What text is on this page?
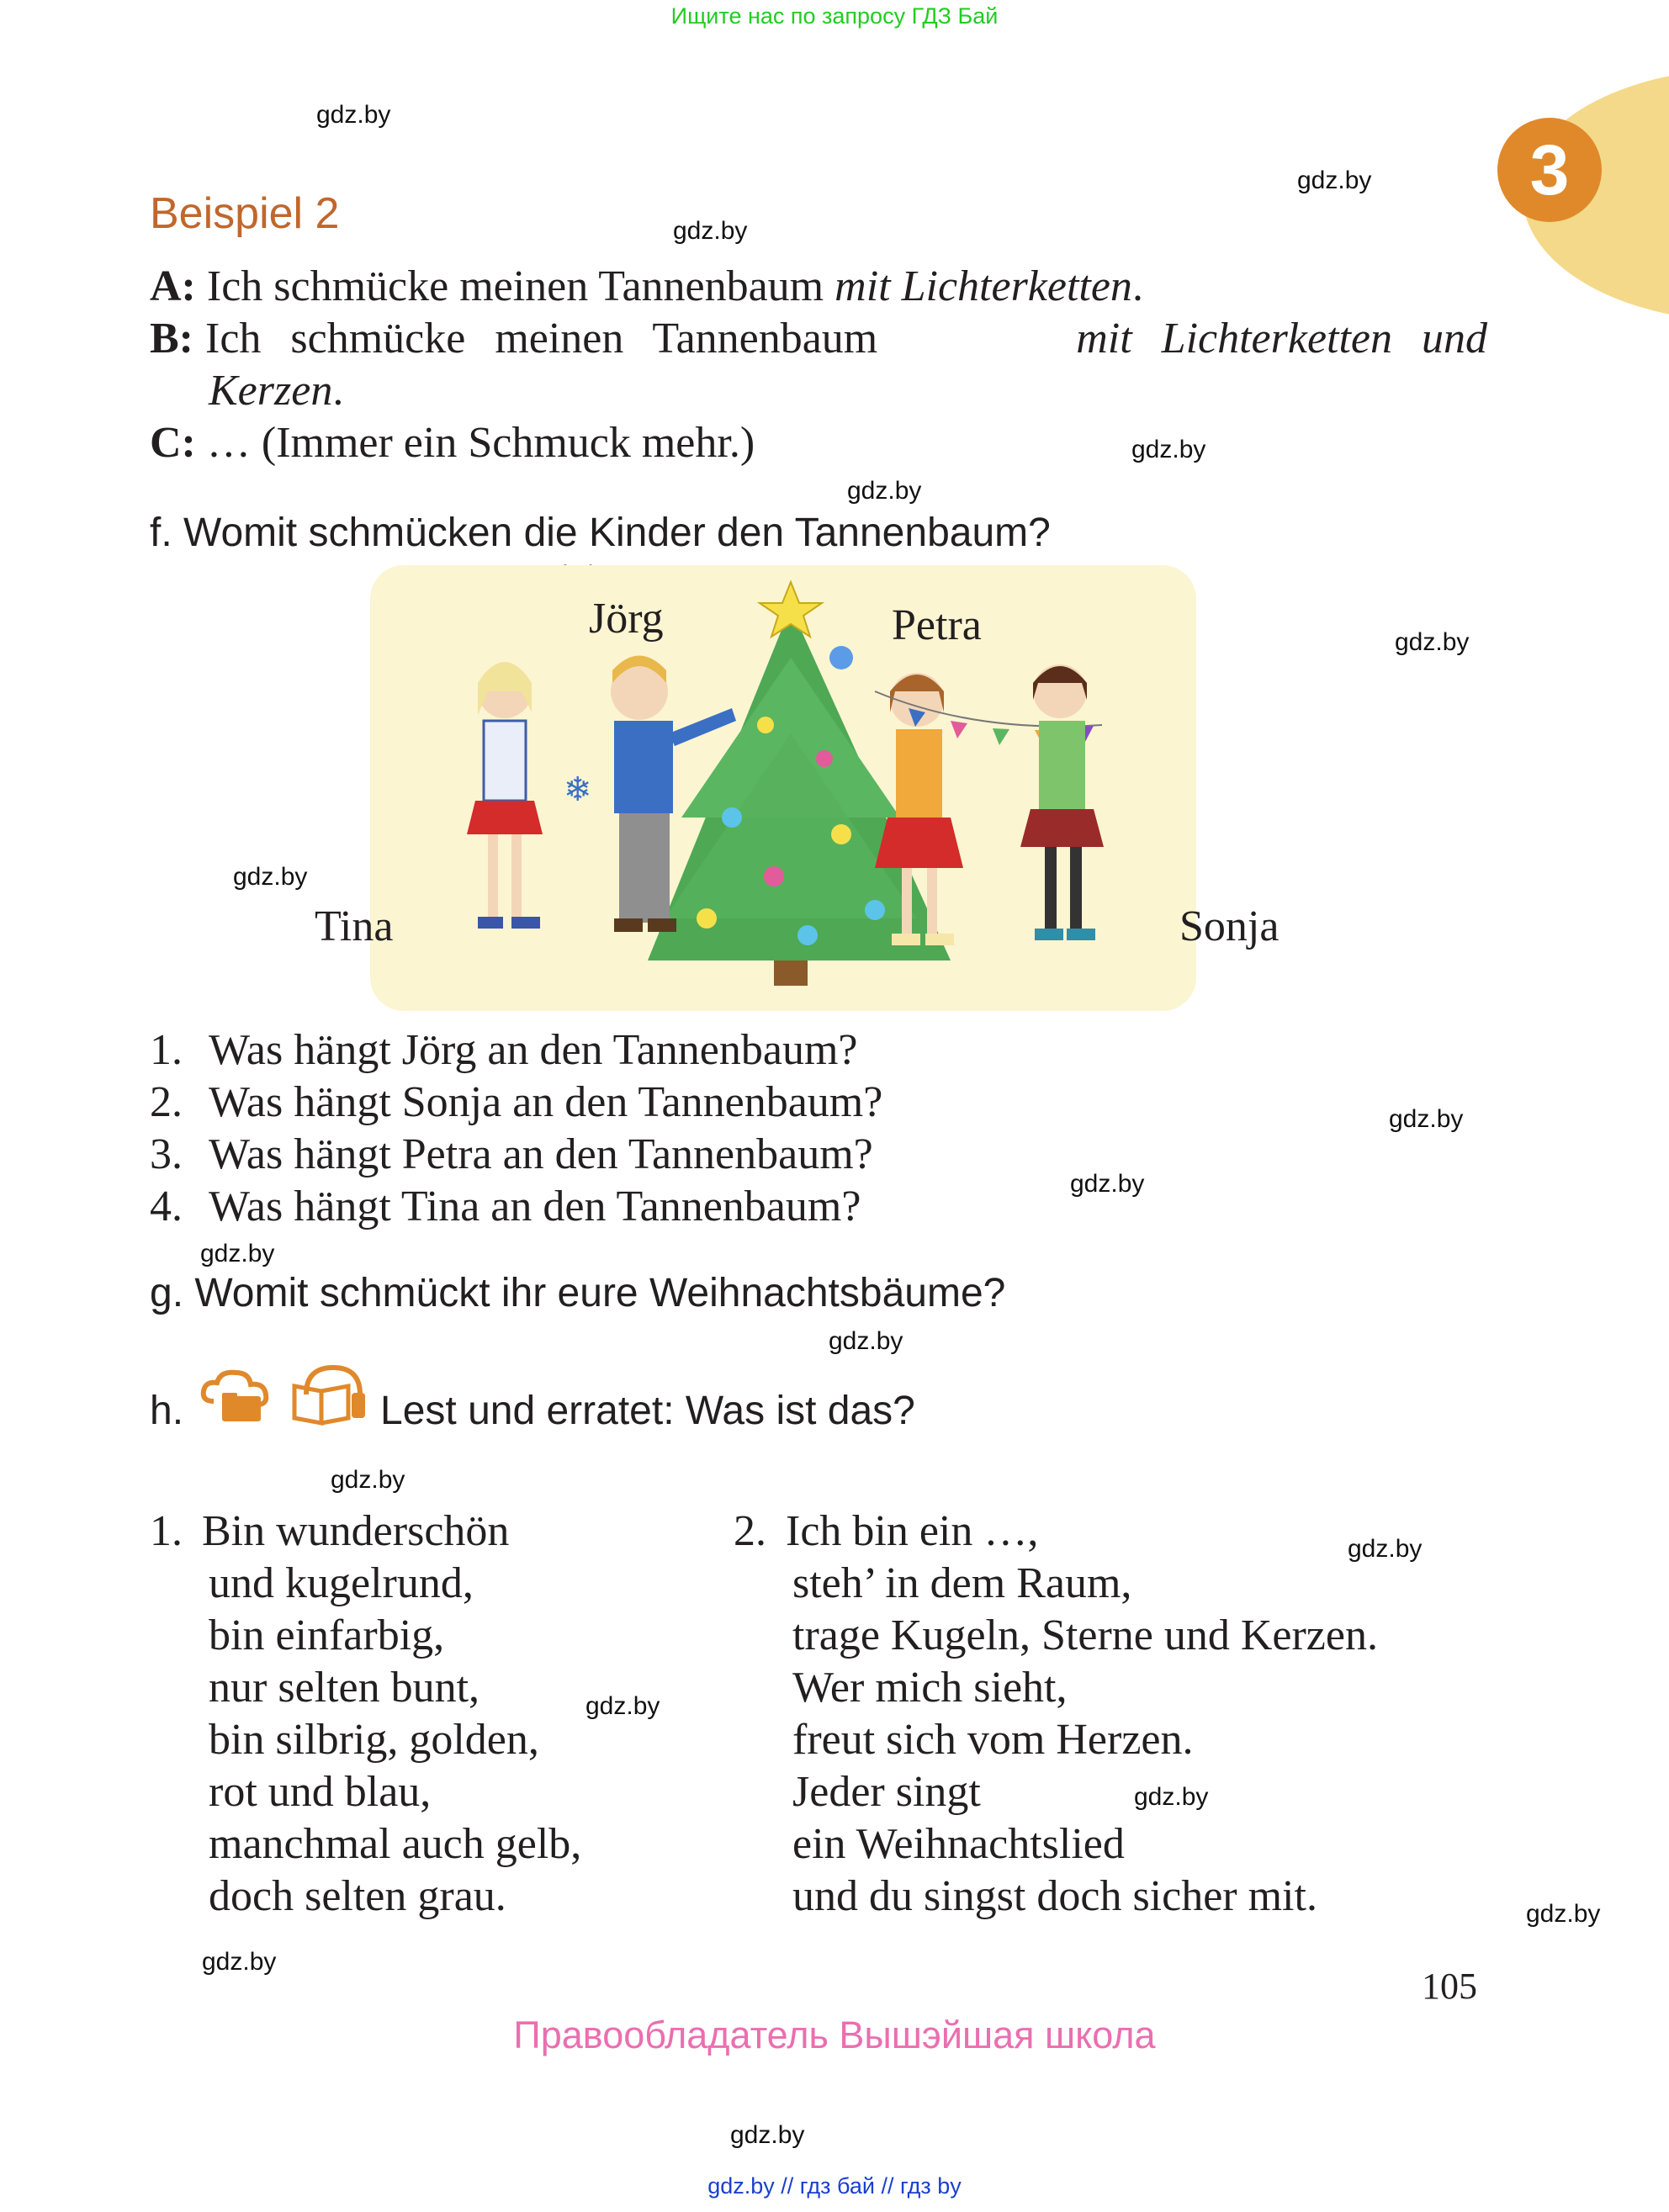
Ищите нас по запросу ГДЗ Бай
3
gdz.by
gdz.by
gdz.by
gdz.by
gdz.by
gdz.by
gdz.by
gdz.by
gdz.by
gdz.by
gdz.by
gdz.by
gdz.by
gdz.by
gdz.by
gdz.by
gdz.by
gdz.by
Beispiel 2
A: Ich schmücke meinen Tannenbaum mit Lichterketten.
B: Ich schmücke meinen Tannenbaum	mit Lichterketten und
Kerzen.
C: … (Immer ein Schmuck mehr.)
f. Womit schmücken die Kinder den Tannenbaum?
❄
Jörg	Petra
Tina	Sonja
1. Was hängt Jörg an den Tannenbaum?
2. Was hängt Sonja an den Tannenbaum?
3. Was hängt Petra an den Tannenbaum?
4. Was hängt Tina an den Tannenbaum?
g. Womit schmückt ihr eure Weihnachtsbäume?
h.	Lest und erratet: Was ist das?
1. Bin wunderschön
und kugelrund,
bin einfarbig,
nur selten bunt,
bin silbrig, golden,
rot und blau,
manchmal auch gelb,
doch selten grau.
2. Ich bin ein …,
steh’ in dem Raum,
trage Kugeln, Sterne und Kerzen.
Wer mich sieht,
freut sich vom Herzen.
Jeder singt
ein Weihnachtslied
und du singst doch sicher mit.
105
Правообладатель Вышэйшая школа
gdz.by // гдз бай // гдз by
